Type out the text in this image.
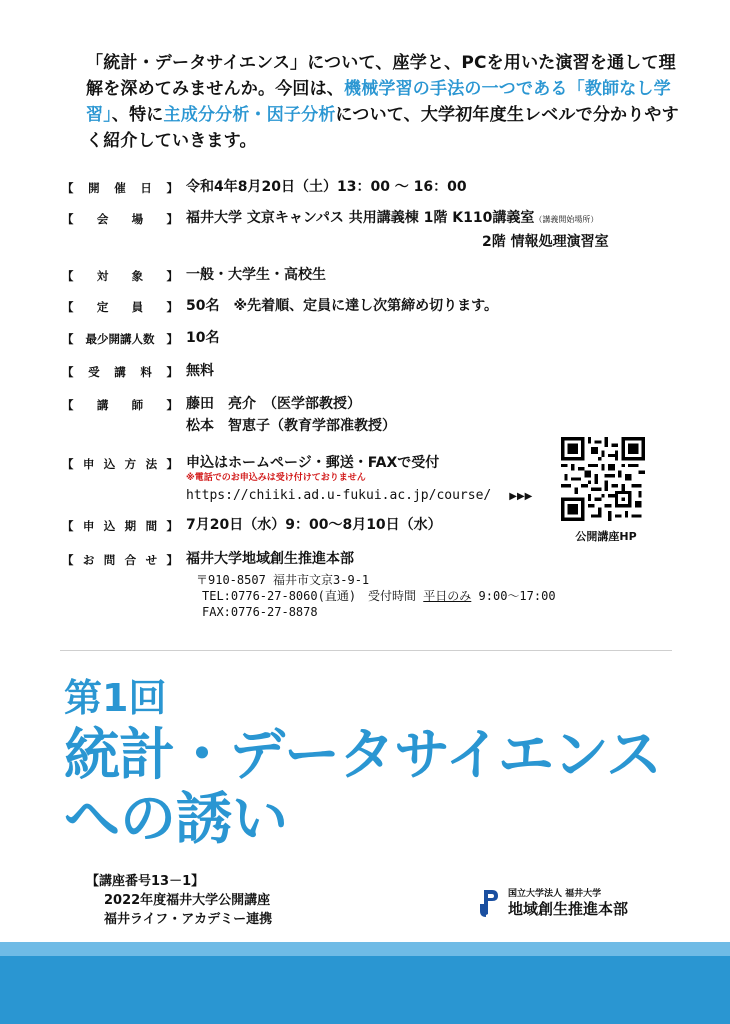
「統計・データサイエンス」について、座学と、PCを用いた演習を通して理解を深めてみませんか。今回は、機械学習の手法の一つである「教師なし学習」、特に主成分分析・因子分析について、大学初年度生レベルで分かりやすく紹介していきます。
【 開 催 日 】 令和4年8月20日（土）13：00 ～ 16：00
【 会 場 】 福井大学 文京キャンパス 共用講義棟 1階 K110講義室（講義開始場所）
2階 情報処理演習室
【 対 象 】 一般・大学生・高校生
【 定 員 】 50名　※先着順、定員に達し次第締め切ります。
【 最少開講人数 】 10名
【 受 講 料 】 無料
【 講 師 】 藤田　亮介　（医学部教授）
松本　智恵子（教育学部准教授）
【 申 込 方 法 】 申込はホームページ・郵送・FAXで受付
※電話でのお申込みは受け付けておりません
https://chiiki.ad.u-fukui.ac.jp/course/ ▶▶▶
【 申 込 期 間 】 7月20日（水）9：00～8月10日（水）
【 お 問 合 せ 】 福井大学地域創生推進本部
〒910-8507 福井市文京3-9-1
TEL:0776-27-8060(直通)　受付時間 平日のみ 9:00～17:00
FAX:0776-27-8878
公開講座HP
第1回
統計・データサイエンス
への誘い
【講座番号13－1】
2022年度福井大学公開講座
福井ライフ・アカデミー連携
国立大学法人 福井大学
地域創生推進本部
